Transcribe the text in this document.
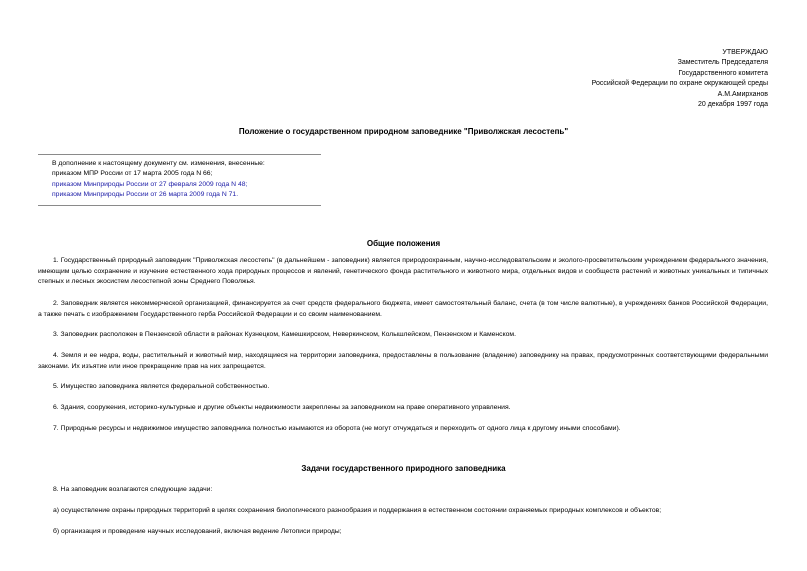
УТВЕРЖДАЮ
Заместитель Председателя
Государственного комитета
Российской Федерации по охране окружающей среды
А.М.Амирханов
20 декабря 1997 года
Положение о государственном природном заповеднике "Приволжская лесостепь"
В дополнение к настоящему документу см. изменения, внесенные:
приказом МПР России от 17 марта 2005 года N 66;
приказом Минприроды России от 27 февраля 2009 года N 48;
приказом Минприроды России от 26 марта 2009 года N 71.
Общие положения
1. Государственный природный заповедник "Приволжская лесостепь" (в дальнейшем - заповедник) является природоохранным, научно-исследовательским и эколого-просветительским учреждением федерального значения, имеющим целью сохранение и изучение естественного хода природных процессов и явлений, генетического фонда растительного и животного мира, отдельных видов и сообществ растений и животных уникальных и типичных степных и лесных экосистем лесостепной зоны Среднего Поволжья.
2. Заповедник является некоммерческой организацией, финансируется за счет средств федерального бюджета, имеет самостоятельный баланс, счета (в том числе валютные), в учреждениях банков Российской Федерации, а также печать с изображением Государственного герба Российской Федерации и со своим наименованием.
3. Заповедник расположен в Пензенской области в районах Кузнецком, Камешкирском, Неверкинском, Колышлейском, Пензенском и Каменском.
4. Земля и ее недра, воды, растительный и животный мир, находящиеся на территории заповедника, предоставлены в пользование (владение) заповеднику на правах, предусмотренных соответствующими федеральными законами. Их изъятие или иное прекращение прав на них запрещается.
5. Имущество заповедника является федеральной собственностью.
6. Здания, сооружения, историко-культурные и другие объекты недвижимости закреплены за заповедником на праве оперативного управления.
7. Природные ресурсы и недвижимое имущество заповедника полностью изымаются из оборота (не могут отчуждаться и переходить от одного лица к другому иными способами).
Задачи государственного природного заповедника
8. На заповедник возлагаются следующие задачи:
а) осуществление охраны природных территорий в целях сохранения биологического разнообразия и поддержания в естественном состоянии охраняемых природных комплексов и объектов;
б) организация и проведение научных исследований, включая ведение Летописи природы;
